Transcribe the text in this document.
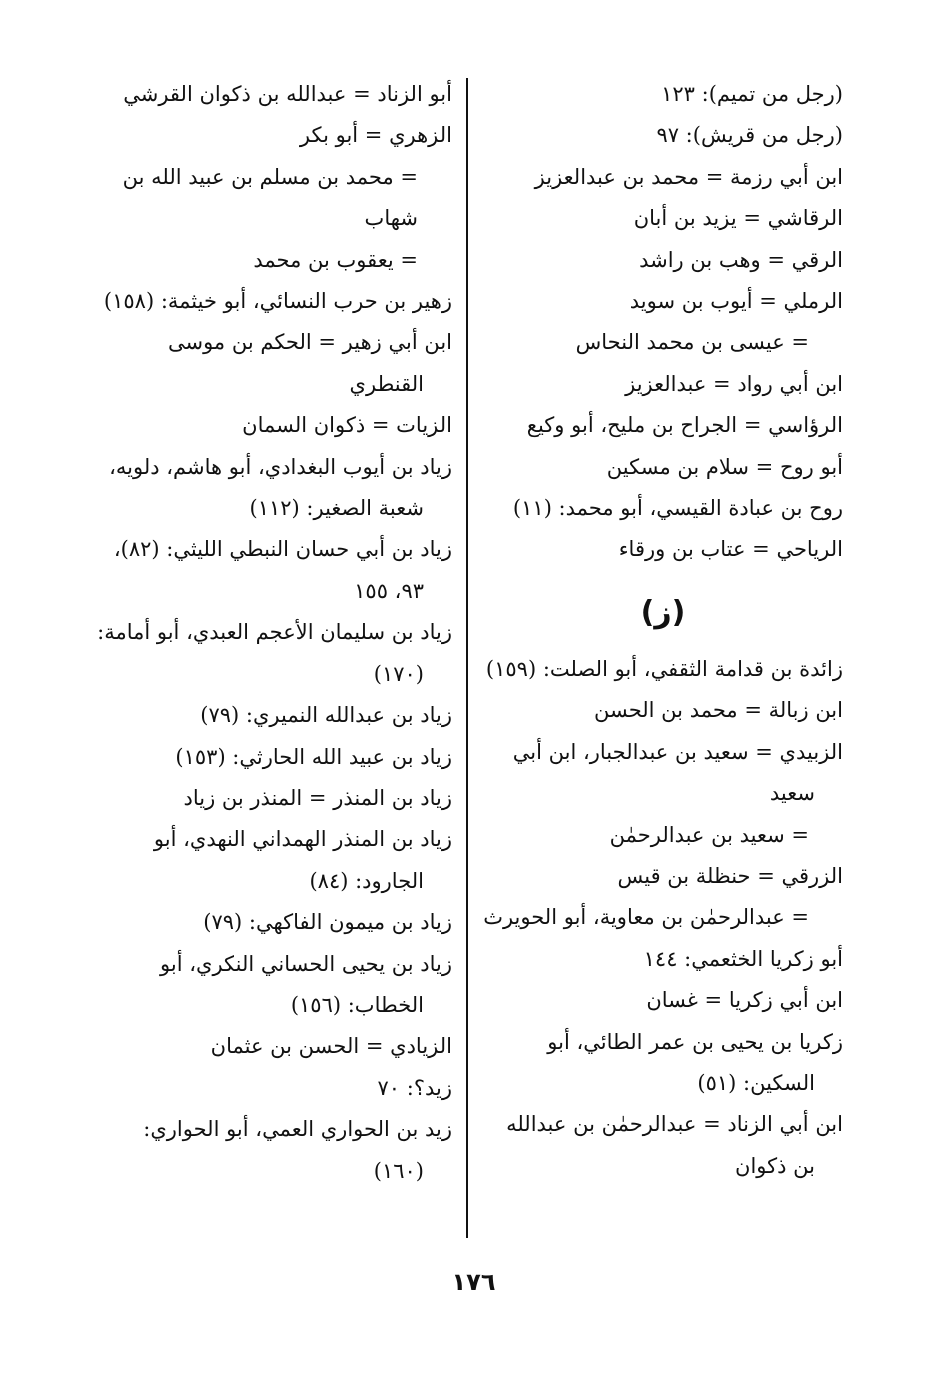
(رجل من تميم): ١٢٣
(رجل من قريش): ٩٧
ابن أبي رزمة = محمد بن عبدالعزيز
الرقاشي = يزيد بن أبان
الرقي = وهب بن راشد
الرملي = أيوب بن سويد
= عيسى بن محمد النحاس
ابن أبي رواد = عبدالعزيز
الرؤاسي = الجراح بن مليح، أبو وكيع
أبو روح = سلام بن مسكين
روح بن عبادة القيسي، أبو محمد: (١١)
الرياحي = عتاب بن ورقاء
(ز)
زائدة بن قدامة الثقفي، أبو الصلت: (١٥٩)
ابن زبالة = محمد بن الحسن
الزبيدي = سعيد بن عبدالجبار، ابن أبي سعيد
= سعيد بن عبدالرحمٰن
الزرقي = حنظلة بن قيس
= عبدالرحمٰن بن معاوية، أبو الحويرث
أبو زكريا الخثعمي: ١٤٤
ابن أبي زكريا = غسان
زكريا بن يحيى بن عمر الطائي، أبو السكين: (٥١)
ابن أبي الزناد = عبدالرحمٰن بن عبدالله بن ذكوان
أبو الزناد = عبدالله بن ذكوان القرشي
الزهري = أبو بكر
= محمد بن مسلم بن عبيد الله بن شهاب
= يعقوب بن محمد
زهير بن حرب النسائي، أبو خيثمة: (١٥٨)
ابن أبي زهير = الحكم بن موسى القنطري
الزيات = ذكوان السمان
زياد بن أيوب البغدادي، أبو هاشم، دلويه، شعبة الصغير: (١١٢)
زياد بن أبي حسان النبطي الليثي: (٨٢)، ٩٣، ١٥٥
زياد بن سليمان الأعجم العبدي، أبو أمامة: (١٧٠)
زياد بن عبدالله النميري: (٧٩)
زياد بن عبيد الله الحارثي: (١٥٣)
زياد بن المنذر = المنذر بن زياد
زياد بن المنذر الهمداني النهدي، أبو الجارود: (٨٤)
زياد بن ميمون الفاكهي: (٧٩)
زياد بن يحيى الحساني النكري، أبو الخطاب: (١٥٦)
الزيادي = الحسن بن عثمان
زيد؟: ٧٠
زيد بن الحواري العمي، أبو الحواري: (١٦٠)
١٧٦
